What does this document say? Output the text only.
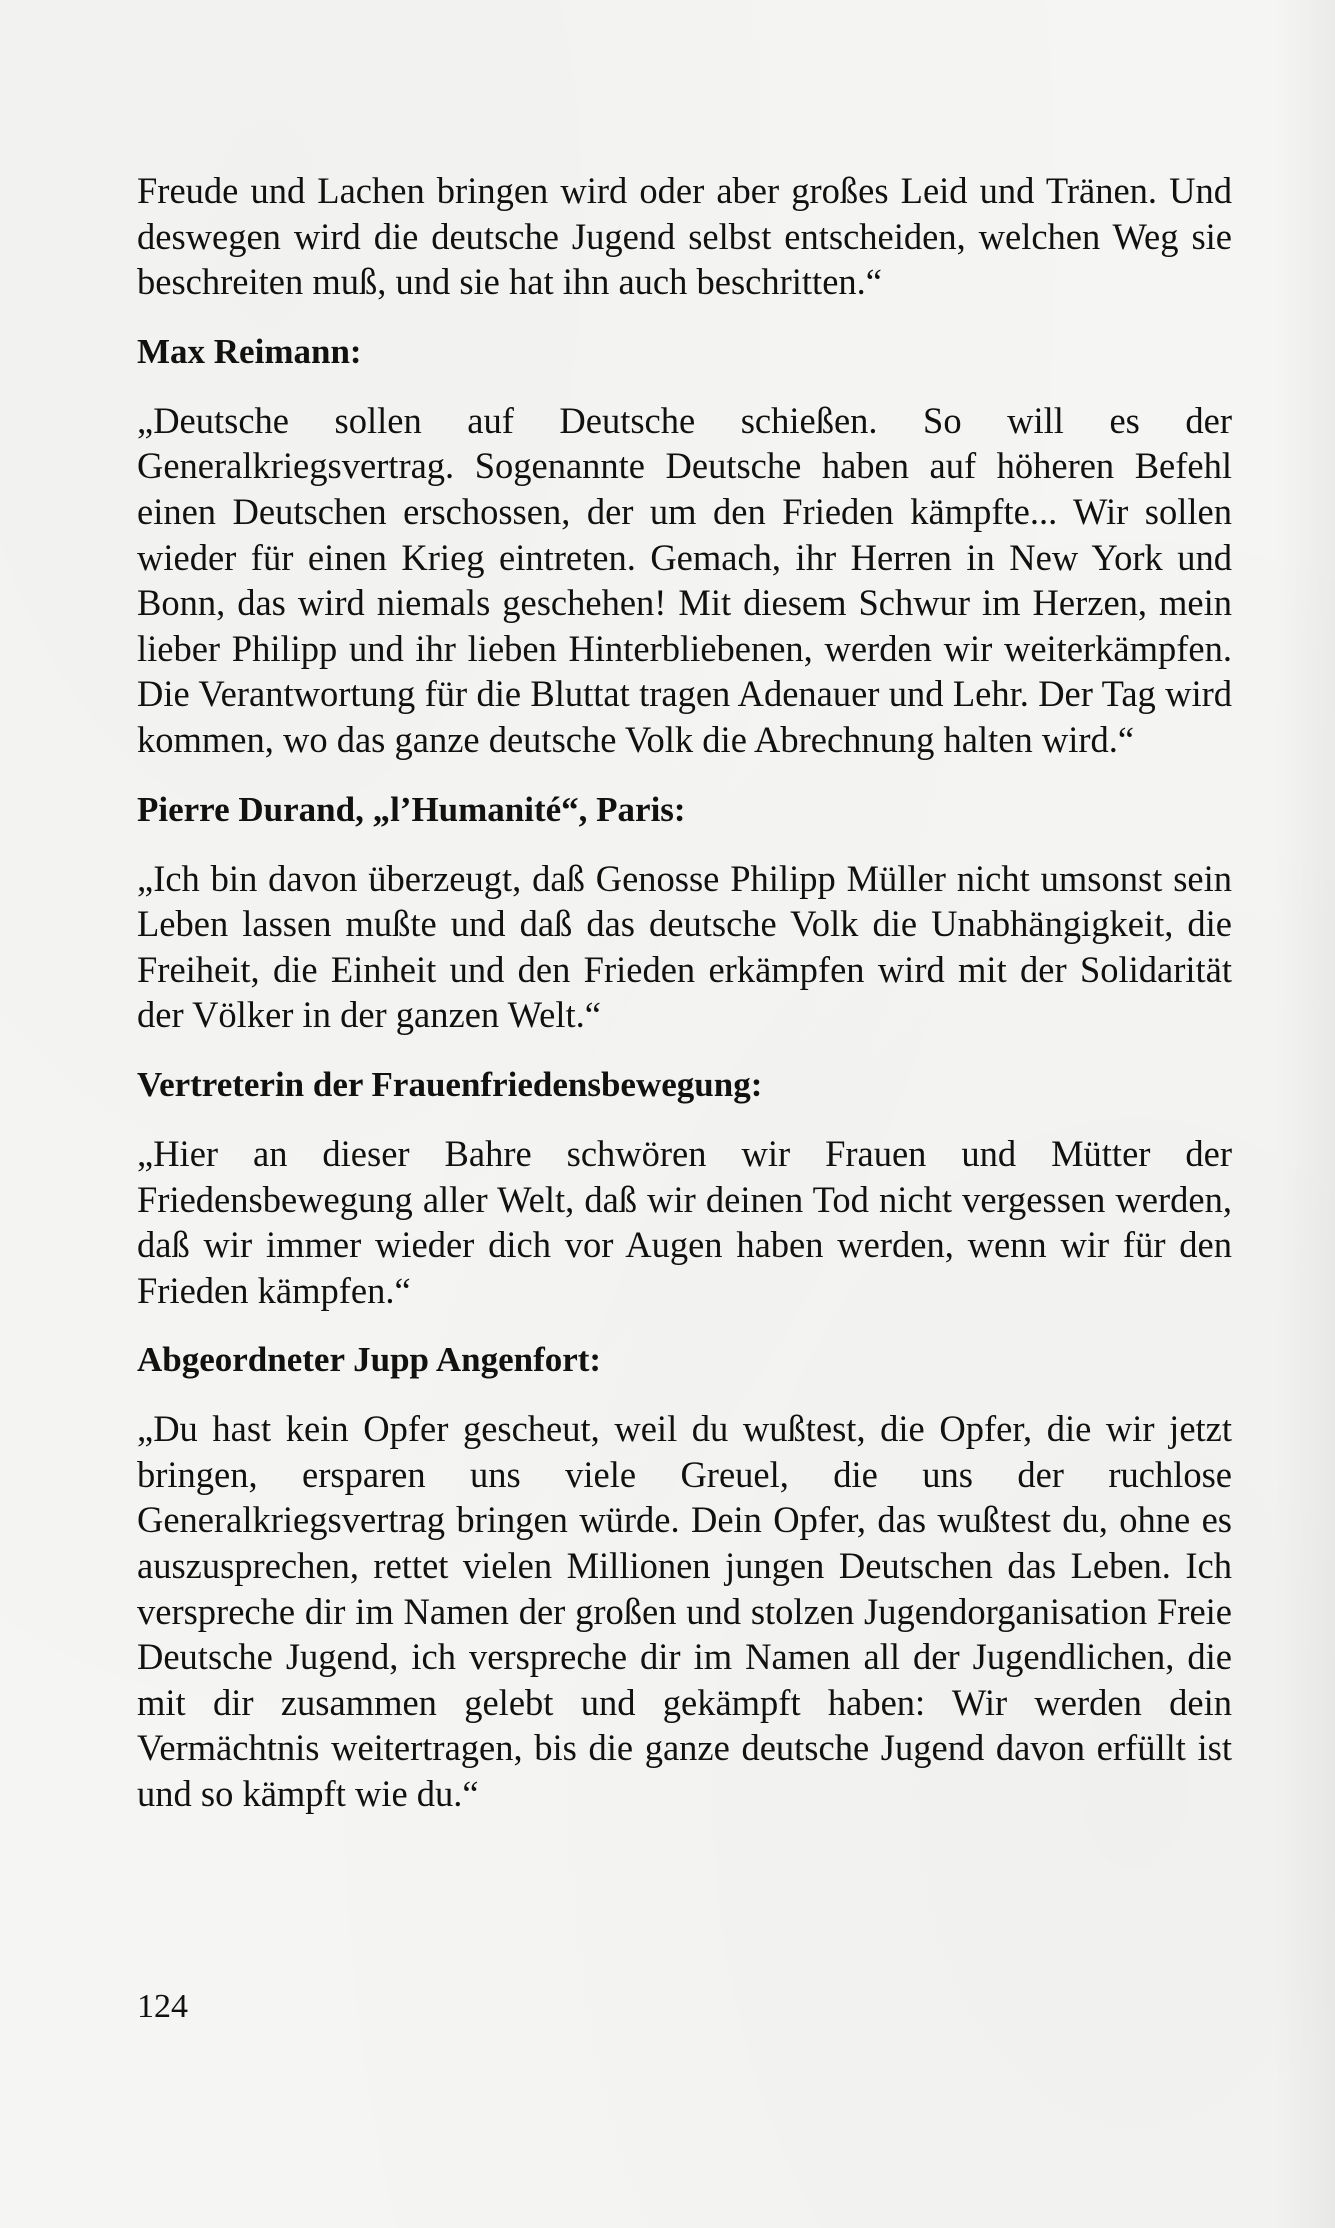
Freude und Lachen bringen wird oder aber großes Leid und Tränen. Und deswegen wird die deutsche Jugend selbst entscheiden, welchen Weg sie beschreiten muß, und sie hat ihn auch beschritten.“

Max Reimann:

„Deutsche sollen auf Deutsche schießen. So will es der Generalkriegsvertrag. Sogenannte Deutsche haben auf höheren Befehl einen Deutschen erschossen, der um den Frieden kämpfte... Wir sollen wieder für einen Krieg eintreten. Gemach, ihr Herren in New York und Bonn, das wird niemals geschehen! Mit diesem Schwur im Herzen, mein lieber Philipp und ihr lieben Hinterbliebenen, werden wir weiterkämpfen. Die Verantwortung für die Bluttat tragen Adenauer und Lehr. Der Tag wird kommen, wo das ganze deutsche Volk die Abrechnung halten wird.“

Pierre Durand, „l’Humanité“, Paris:

„Ich bin davon überzeugt, daß Genosse Philipp Müller nicht umsonst sein Leben lassen mußte und daß das deutsche Volk die Unabhängigkeit, die Freiheit, die Einheit und den Frieden erkämpfen wird mit der Solidarität der Völker in der ganzen Welt.“

Vertreterin der Frauenfriedensbewegung:

„Hier an dieser Bahre schwören wir Frauen und Mütter der Friedensbewegung aller Welt, daß wir deinen Tod nicht vergessen werden, daß wir immer wieder dich vor Augen haben werden, wenn wir für den Frieden kämpfen.“

Abgeordneter Jupp Angenfort:

„Du hast kein Opfer gescheut, weil du wußtest, die Opfer, die wir jetzt bringen, ersparen uns viele Greuel, die uns der ruchlose Generalkriegsvertrag bringen würde. Dein Opfer, das wußtest du, ohne es auszusprechen, rettet vielen Millionen jungen Deutschen das Leben. Ich verspreche dir im Namen der großen und stolzen Jugendorganisation Freie Deutsche Jugend, ich verspreche dir im Namen all der Jugendlichen, die mit dir zusammen gelebt und gekämpft haben: Wir werden dein Vermächtnis weitertragen, bis die ganze deutsche Jugend davon erfüllt ist und so kämpft wie du.“

124
